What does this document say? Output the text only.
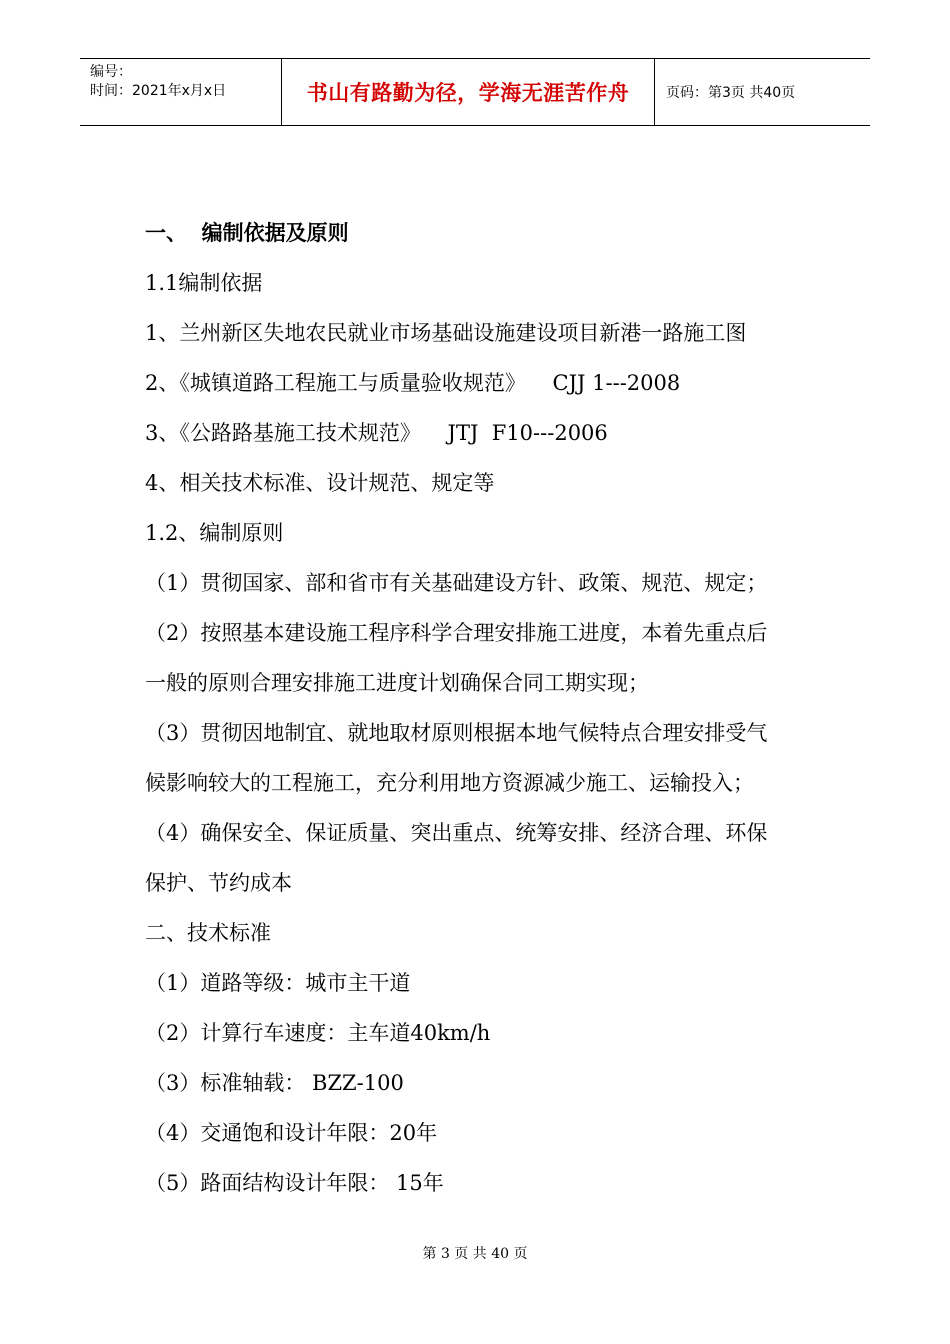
编号：
时间：2021年x月x日	书山有路勤为径，学海无涯苦作舟	页码：第3页 共40页
一、  编制依据及原则
1.1编制依据
1、兰州新区失地农民就业市场基础设施建设项目新港一路施工图
2、《城镇道路工程施工与质量验收规范》    CJJ 1---2008
3、《公路路基施工技术规范》    JTJ  F10---2006
4、相关技术标准、设计规范、规定等
1.2、编制原则
（1）贯彻国家、部和省市有关基础建设方针、政策、规范、规定；
（2）按照基本建设施工程序科学合理安排施工进度，本着先重点后
一般的原则合理安排施工进度计划确保合同工期实现；
（3）贯彻因地制宜、就地取材原则根据本地气候特点合理安排受气
候影响较大的工程施工，充分利用地方资源减少施工、运输投入；
（4）确保安全、保证质量、突出重点、统筹安排、经济合理、环保
保护、节约成本
二、技术标准
（1）道路等级：城市主干道
（2）计算行车速度：主车道40km/h
（3）标准轴载： BZZ-100
（4）交通饱和设计年限：20年
（5）路面结构设计年限： 15年
第 3 页 共 40 页
